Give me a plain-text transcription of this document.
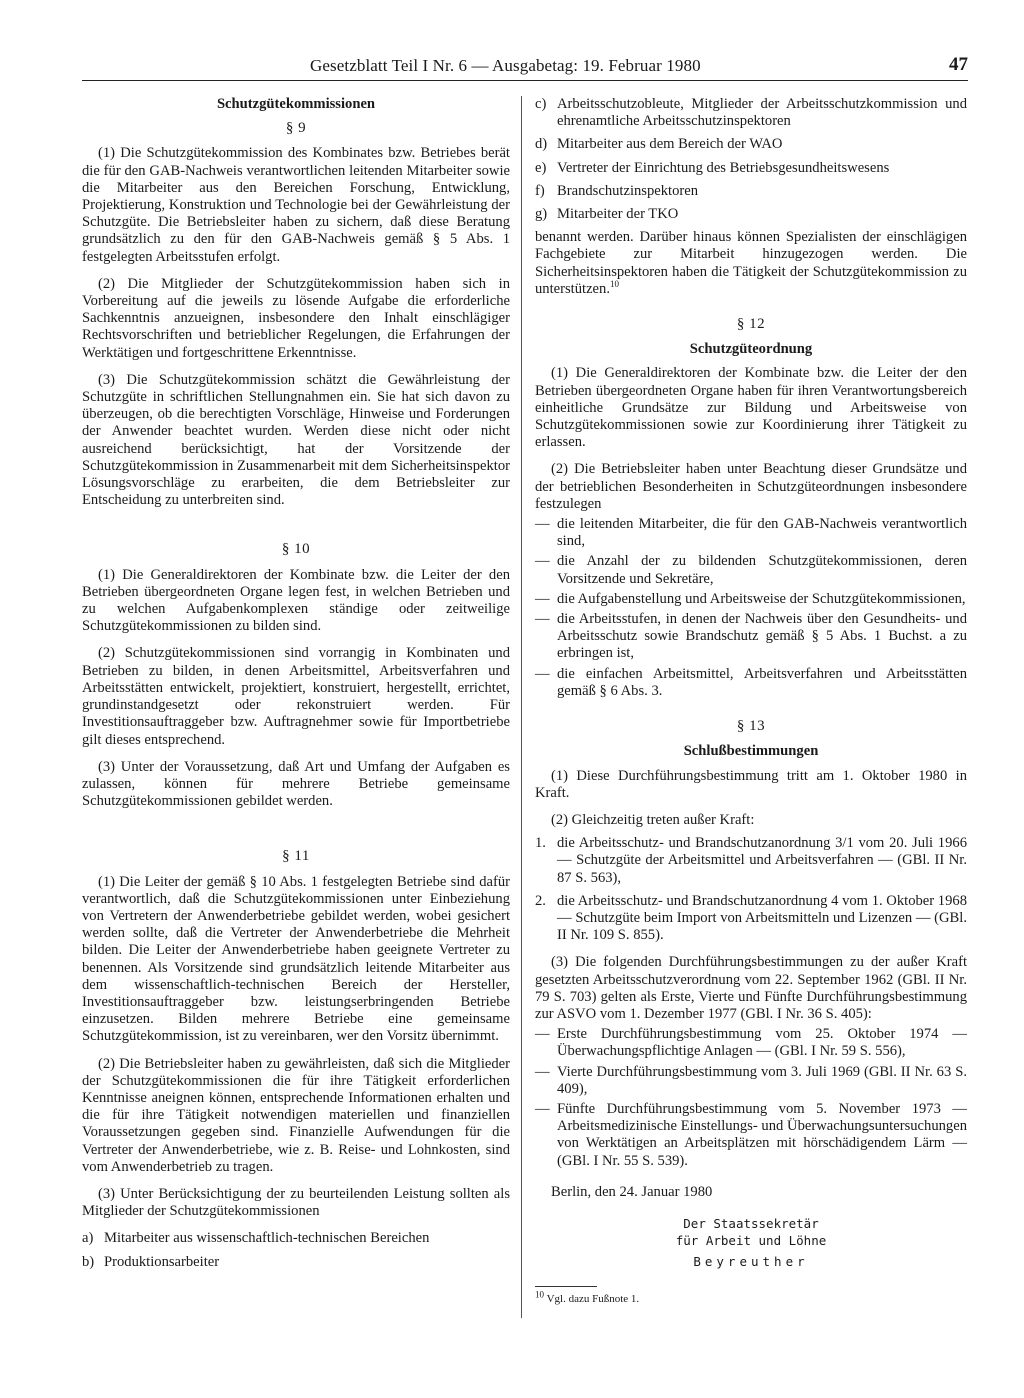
Gesetzblatt Teil I Nr. 6 — Ausgabetag: 19. Februar 1980	47
Schutzgütekommissionen
§ 9

(1) Die Schutzgütekommission des Kombinates bzw. Betriebes berät die für den GAB-Nachweis verantwortlichen leitenden Mitarbeiter sowie die Mitarbeiter aus den Bereichen Forschung, Entwicklung, Projektierung, Konstruktion und Technologie bei der Gewährleistung der Schutzgüte. Die Betriebsleiter haben zu sichern, daß diese Beratung grundsätzlich zu den für den GAB-Nachweis gemäß § 5 Abs. 1 festgelegten Arbeitsstufen erfolgt.

(2) Die Mitglieder der Schutzgütekommission haben sich in Vorbereitung auf die jeweils zu lösende Aufgabe die erforderliche Sachkenntnis anzueignen, insbesondere den Inhalt einschlägiger Rechtsvorschriften und betrieblicher Regelungen, die Erfahrungen der Werktätigen und fortgeschrittene Erkenntnisse.

(3) Die Schutzgütekommission schätzt die Gewährleistung der Schutzgüte in schriftlichen Stellungnahmen ein. Sie hat sich davon zu überzeugen, ob die berechtigten Vorschläge, Hinweise und Forderungen der Anwender beachtet wurden. Werden diese nicht oder nicht ausreichend berücksichtigt, hat der Vorsitzende der Schutzgütekommission in Zusammenarbeit mit dem Sicherheitsinspektor Lösungsvorschläge zu erarbeiten, die dem Betriebsleiter zur Entscheidung zu unterbreiten sind.

§ 10

(1) Die Generaldirektoren der Kombinate bzw. die Leiter der den Betrieben übergeordneten Organe legen fest, in welchen Betrieben und zu welchen Aufgabenkomplexen ständige oder zeitweilige Schutzgütekommissionen zu bilden sind.

(2) Schutzgütekommissionen sind vorrangig in Kombinaten und Betrieben zu bilden, in denen Arbeitsmittel, Arbeitsverfahren und Arbeitsstätten entwickelt, projektiert, konstruiert, hergestellt, errichtet, grundinstandgesetzt oder rekonstruiert werden. Für Investitionsauftraggeber bzw. Auftragnehmer sowie für Importbetriebe gilt dieses entsprechend.

(3) Unter der Voraussetzung, daß Art und Umfang der Aufgaben es zulassen, können für mehrere Betriebe gemeinsame Schutzgütekommissionen gebildet werden.

§ 11

(1) Die Leiter der gemäß § 10 Abs. 1 festgelegten Betriebe sind dafür verantwortlich, daß die Schutzgütekommissionen unter Einbeziehung von Vertretern der Anwenderbetriebe gebildet werden, wobei gesichert werden sollte, daß die Vertreter der Anwenderbetriebe die Mehrheit bilden. Die Leiter der Anwenderbetriebe haben geeignete Vertreter zu benennen. Als Vorsitzende sind grundsätzlich leitende Mitarbeiter aus dem wissenschaftlich-technischen Bereich der Hersteller, Investitionsauftraggeber bzw. leistungserbringenden Betriebe einzusetzen. Bilden mehrere Betriebe eine gemeinsame Schutzgütekommission, ist zu vereinbaren, wer den Vorsitz übernimmt.

(2) Die Betriebsleiter haben zu gewährleisten, daß sich die Mitglieder der Schutzgütekommissionen die für ihre Tätigkeit erforderlichen Kenntnisse aneignen können, entsprechende Informationen erhalten und die für ihre Tätigkeit notwendigen materiellen und finanziellen Voraussetzungen gegeben sind. Finanzielle Aufwendungen für die Vertreter der Anwenderbetriebe, wie z. B. Reise- und Lohnkosten, sind vom Anwenderbetrieb zu tragen.

(3) Unter Berücksichtigung der zu beurteilenden Leistung sollten als Mitglieder der Schutzgütekommissionen

a) Mitarbeiter aus wissenschaftlich-technischen Bereichen
b) Produktionsarbeiter
c) Arbeitsschutzobleute, Mitglieder der Arbeitsschutzkommission und ehrenamtliche Arbeitsschutzinspektoren
d) Mitarbeiter aus dem Bereich der WAO
e) Vertreter der Einrichtung des Betriebsgesundheitswesens
f) Brandschutzinspektoren
g) Mitarbeiter der TKO

benannt werden. Darüber hinaus können Spezialisten der einschlägigen Fachgebiete zur Mitarbeit hinzugezogen werden. Die Sicherheitsinspektoren haben die Tätigkeit der Schutzgütekommission zu unterstützen.$^{10}$

§ 12
Schutzgüteordnung

(1) Die Generaldirektoren der Kombinate bzw. die Leiter der den Betrieben übergeordneten Organe haben für ihren Verantwortungsbereich einheitliche Grundsätze zur Bildung und Arbeitsweise von Schutzgütekommissionen sowie zur Koordinierung ihrer Tätigkeit zu erlassen.

(2) Die Betriebsleiter haben unter Beachtung dieser Grundsätze und der betrieblichen Besonderheiten in Schutzgüteordnungen insbesondere festzulegen

— die leitenden Mitarbeiter, die für den GAB-Nachweis verantwortlich sind,
— die Anzahl der zu bildenden Schutzgütekommissionen, deren Vorsitzende und Sekretäre,
— die Aufgabenstellung und Arbeitsweise der Schutzgütekommissionen,
— die Arbeitsstufen, in denen der Nachweis über den Gesundheits- und Arbeitsschutz sowie Brandschutz gemäß § 5 Abs. 1 Buchst. a zu erbringen ist,
— die einfachen Arbeitsmittel, Arbeitsverfahren und Arbeitsstätten gemäß § 6 Abs. 3.
§ 13
Schlußbestimmungen

(1) Diese Durchführungsbestimmung tritt am 1. Oktober 1980 in Kraft.

(2) Gleichzeitig treten außer Kraft:

1. die Arbeitsschutz- und Brandschutzanordnung 3/1 vom 20. Juli 1966 — Schutzgüte der Arbeitsmittel und Arbeitsverfahren — (GBl. II Nr. 87 S. 563),
2. die Arbeitsschutz- und Brandschutzanordnung 4 vom 1. Oktober 1968 — Schutzgüte beim Import von Arbeitsmitteln und Lizenzen — (GBl. II Nr. 109 S. 855).

(3) Die folgenden Durchführungsbestimmungen zu der außer Kraft gesetzten Arbeitsschutzverordnung vom 22. September 1962 (GBl. II Nr. 79 S. 703) gelten als Erste, Vierte und Fünfte Durchführungsbestimmung zur ASVO vom 1. Dezember 1977 (GBl. I Nr. 36 S. 405):

— Erste Durchführungsbestimmung vom 25. Oktober 1974 — Überwachungspflichtige Anlagen — (GBl. I Nr. 59 S. 556),
— Vierte Durchführungsbestimmung vom 3. Juli 1969 (GBl. II Nr. 63 S. 409),
— Fünfte Durchführungsbestimmung vom 5. November 1973 — Arbeitsmedizinische Einstellungs- und Überwachungsuntersuchungen von Werktätigen an Arbeitsplätzen mit hörschädigendem Lärm — (GBl. I Nr. 55 S. 539).
Berlin, den 24. Januar 1980
Der Staatssekretär
für Arbeit und Löhne
Beyreuther
$^{10}$ Vgl. dazu Fußnote 1.
